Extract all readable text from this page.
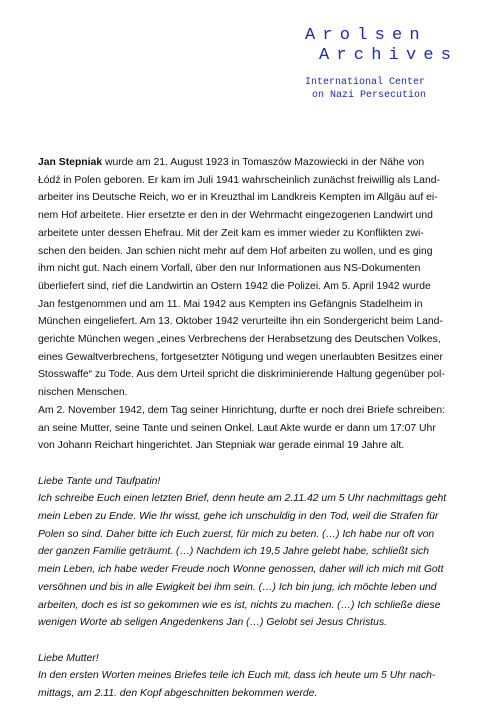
Arolsen
Archives
International Center
on Nazi Persecution

Jan Stepniak wurde am 21. August 1923 in Tomaszów Mazowiecki in der Nähe von
Łódź in Polen geboren. Er kam im Juli 1941 wahrscheinlich zunächst freiwillig als Land-
arbeiter ins Deutsche Reich, wo er in Kreuzthal im Landkreis Kempten im Allgäu auf ei-
nem Hof arbeitete. Hier ersetzte er den in der Wehrmacht eingezogenen Landwirt und
arbeitete unter dessen Ehefrau. Mit der Zeit kam es immer wieder zu Konflikten zwi-
schen den beiden. Jan schien nicht mehr auf dem Hof arbeiten zu wollen, und es ging
ihm nicht gut. Nach einem Vorfall, über den nur Informationen aus NS-Dokumenten
überliefert sind, rief die Landwirtin an Ostern 1942 die Polizei. Am 5. April 1942 wurde
Jan festgenommen und am 11. Mai 1942 aus Kempten ins Gefängnis Stadelheim in
München eingeliefert. Am 13. Oktober 1942 verurteilte ihn ein Sondergericht beim Land-
gerichte München wegen „eines Verbrechens der Herabsetzung des Deutschen Volkes,
eines Gewaltverbrechens, fortgesetzter Nötigung und wegen unerlaubten Besitzes einer
Stosswaffe“ zu Tode. Aus dem Urteil spricht die diskriminierende Haltung gegenüber pol-
nischen Menschen.
Am 2. November 1942, dem Tag seiner Hinrichtung, durfte er noch drei Briefe schreiben:
an seine Mutter, seine Tante und seinen Onkel. Laut Akte wurde er dann um 17:07 Uhr
von Johann Reichart hingerichtet. Jan Stepniak war gerade einmal 19 Jahre alt.

Liebe Tante und Taufpatin!
Ich schreibe Euch einen letzten Brief, denn heute am 2.11.42 um 5 Uhr nachmittags geht
mein Leben zu Ende. Wie Ihr wisst, gehe ich unschuldig in den Tod, weil die Strafen für
Polen so sind. Daher bitte ich Euch zuerst, für mich zu beten. (…) Ich habe nur oft von
der ganzen Familie geträumt. (…) Nachdem ich 19,5 Jahre gelebt habe, schließt sich
mein Leben, ich habe weder Freude noch Wonne genossen, daher will ich mich mit Gott
versöhnen und bis in alle Ewigkeit bei ihm sein. (…) Ich bin jung, ich möchte leben und
arbeiten, doch es ist so gekommen wie es ist, nichts zu machen. (…) Ich schließe diese
wenigen Worte ab seligen Angedenkens Jan (…) Gelobt sei Jesus Christus.

Liebe Mutter!
In den ersten Worten meines Briefes teile ich Euch mit, dass ich heute um 5 Uhr nach-
mittags, am 2.11. den Kopf abgeschnitten bekommen werde.
